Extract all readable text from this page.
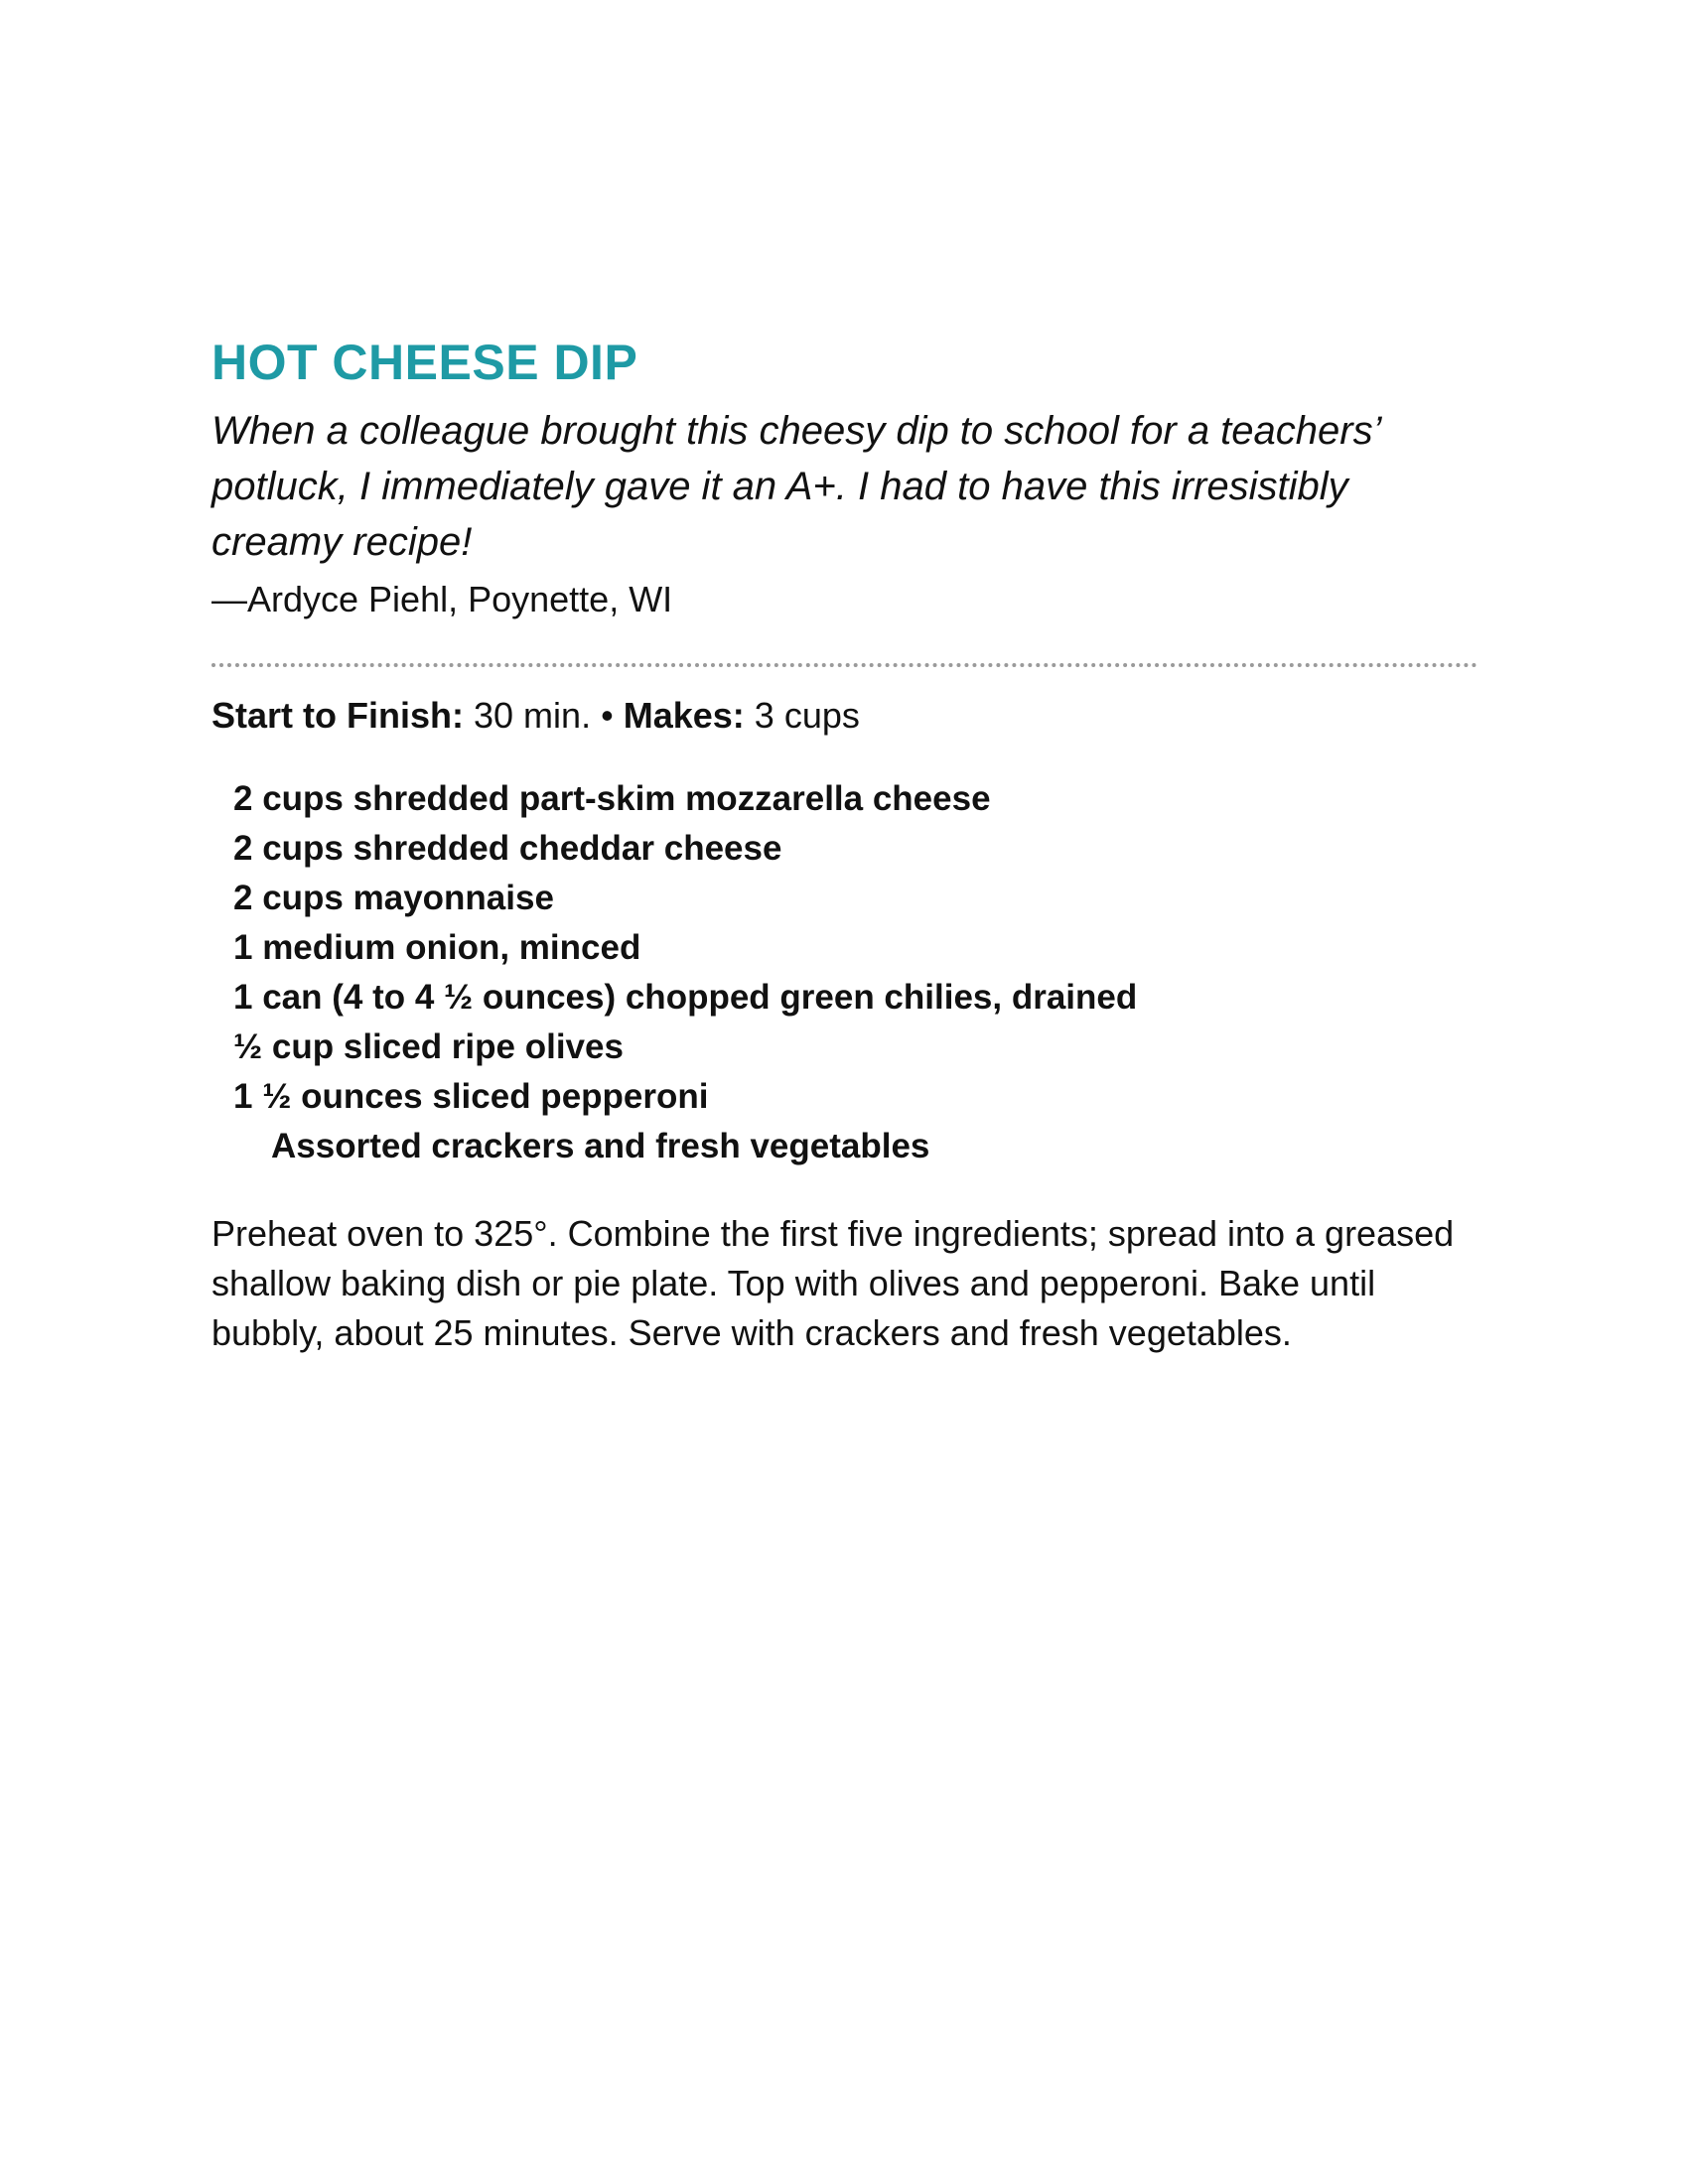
HOT CHEESE DIP

When a colleague brought this cheesy dip to school for a teachers’ potluck, I immediately gave it an A+. I had to have this irresistibly creamy recipe!

—Ardyce Piehl, Poynette, WI

Start to Finish: 30 min. • Makes: 3 cups

2 cups shredded part-skim mozzarella cheese
2 cups shredded cheddar cheese
2 cups mayonnaise
1 medium onion, minced
1 can (4 to 4 ½ ounces) chopped green chilies, drained
½ cup sliced ripe olives
1 ½ ounces sliced pepperoni
Assorted crackers and fresh vegetables

Preheat oven to 325°. Combine the first five ingredients; spread into a greased shallow baking dish or pie plate. Top with olives and pepperoni. Bake until bubbly, about 25 minutes. Serve with crackers and fresh vegetables.
